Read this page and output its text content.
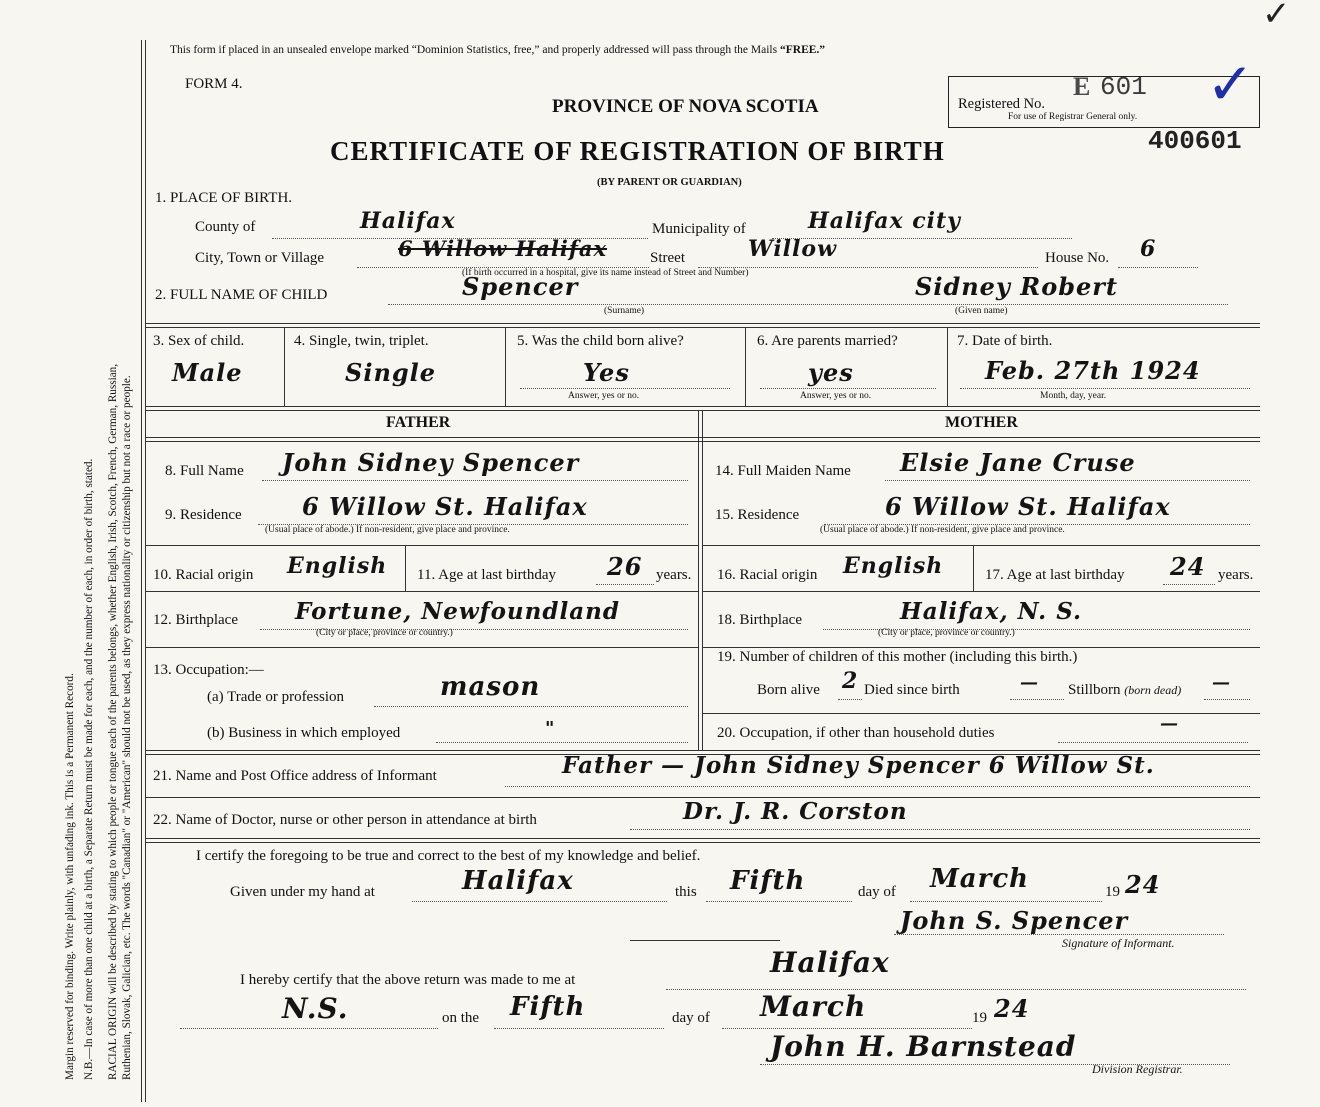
✓
Margin reserved for binding. Write plainly, with unfading ink. This is a Permanent Record. N.B.—In case of more than one child at a birth, a Separate Return must be made for each, and the number of each, in order of birth, stated. RACIAL ORIGIN will be described by stating to which people or tongue each of the parents belongs, whether English, Irish, Scotch, French, German, Russian, Ruthenian, Slovak, Galician, etc. The words "Canadian" or "American" should not be used, as they express nationality or citizenship but not a race or people.
This form if placed in an unsealed envelope marked “Dominion Statistics, free,” and properly addressed will pass through the Mails “FREE.”
FORM 4.
PROVINCE OF NOVA SCOTIA
CERTIFICATE OF REGISTRATION OF BIRTH
(BY PARENT OR GUARDIAN)
Registered No.
E 601
For use of Registrar General only. ✓
400601
1. PLACE OF BIRTH.
County of	Halifax	Municipality of	Halifax city
City, Town or Village	6 Willow Halifax	Street	Willow	House No. 6
(If birth occurred in a hospital, give its name instead of Street and Number)
2. FULL NAME OF CHILD	Spencer
(Surname)
Sidney Robert
(Given name)
3. Sex of child.
Male
4. Single, twin, triplet.
Single
5. Was the child born alive?
Yes
Answer, yes or no.
6. Are parents married?
yes
Answer, yes or no.
7. Date of birth.
Feb. 27th 1924
Month, day, year.
FATHER	MOTHER
8. Full Name John Sidney Spencer
9. Residence	6 Willow St. Halifax
(Usual place of abode.) If non-resident, give place and province.
10. Racial origin English 11. Age at last birthday 26 years.
12. Birthplace Fortune, Newfoundland
(City or place, province or country.)
13. Occupation:—
(a) Trade or profession	mason
(b) Business in which employed	"
14. Full Maiden Name Elsie Jane Cruse
15. Residence	6 Willow St. Halifax
(Usual place of abode.) If non-resident, give place and province.
16. Racial origin English	17. Age at last birthday 24 years.
18. Birthplace	Halifax, N. S.
(City or place, province or country.)
19. Number of children of this mother (including this birth.)
Born alive 2 Died since birth	— Stillborn (born dead) —
20. Occupation, if other than household duties	—
21. Name and Post Office address of Informant	Father — John Sidney Spencer 6 Willow St.
22. Name of Doctor, nurse or other person in attendance at birth	Dr. J. R. Corston
I certify the foregoing to be true and correct to the best of my knowledge and belief.
Given under my hand at	Halifax	this Fifth	day of March	19 24
John S. Spencer
Signature of Informant.
I hereby certify that the above return was made to me at
Halifax
N.S.	on the Fifth	day of March	19 24
John H. Barnstead
Division Registrar.
